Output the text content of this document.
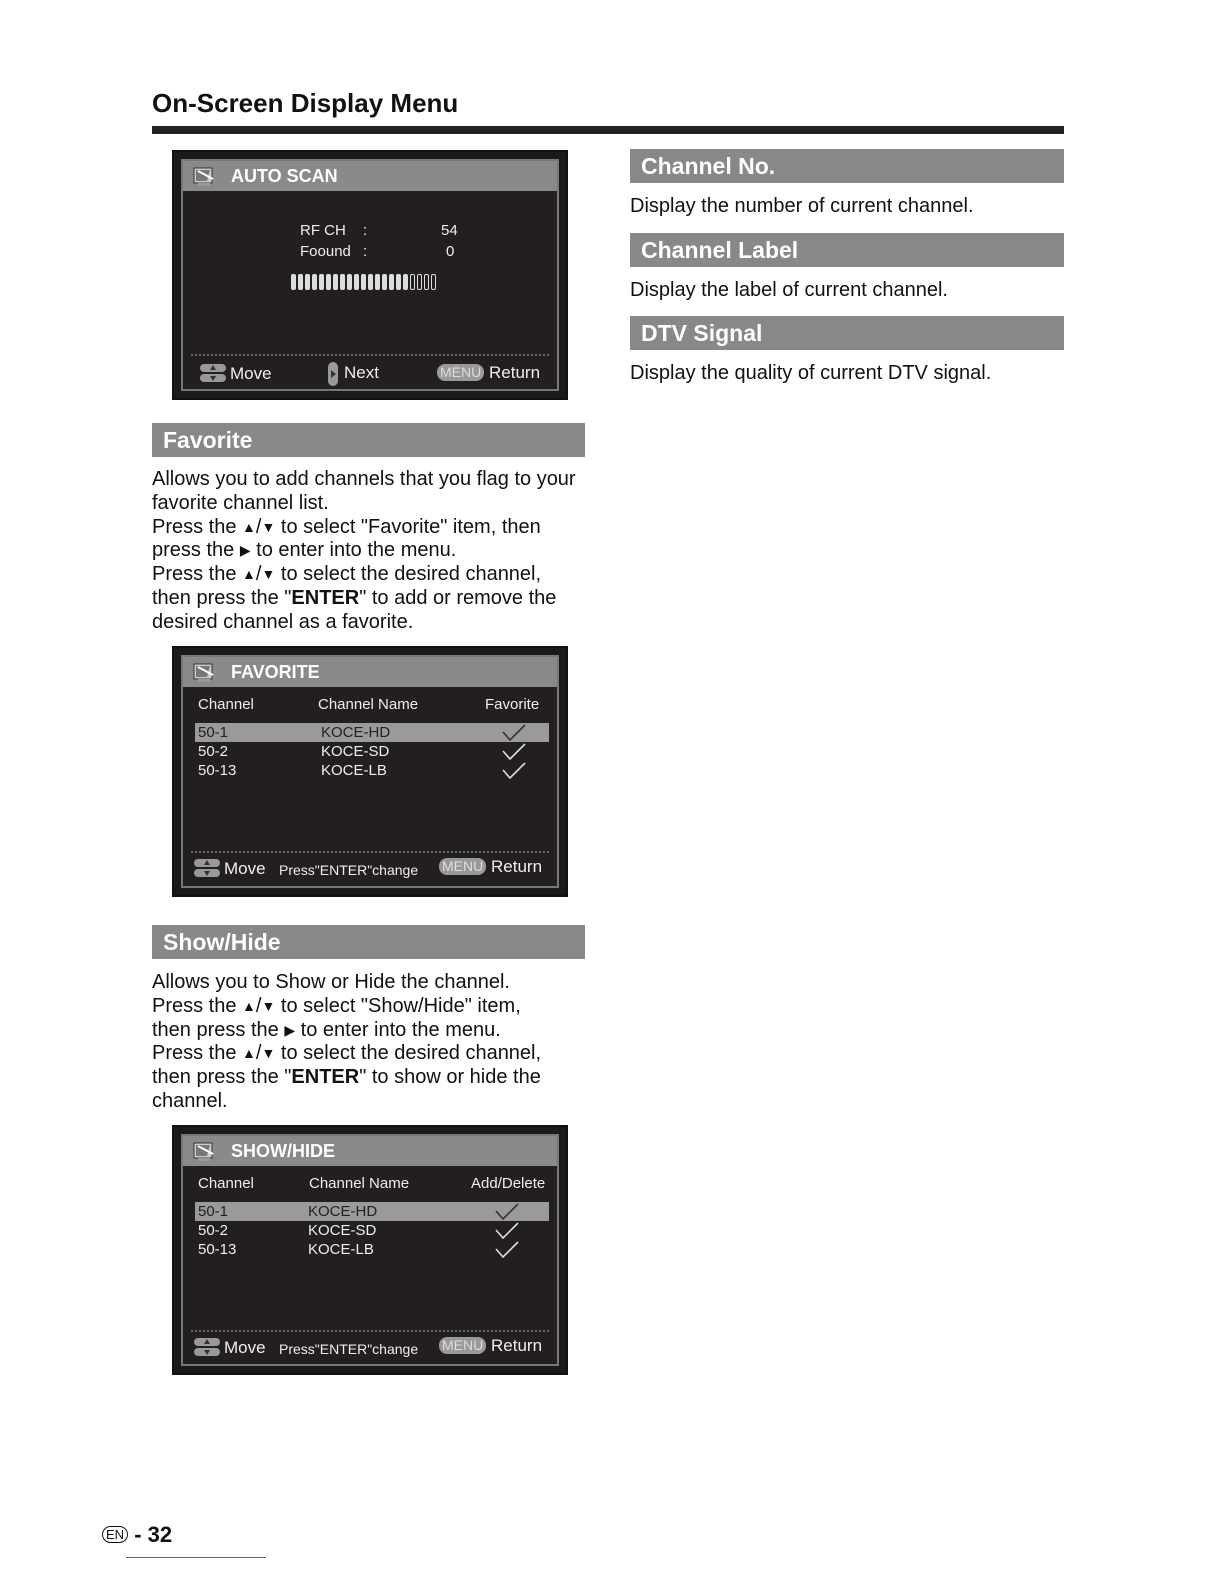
On-Screen Display Menu
AUTO SCAN
RF CH :	54
Foound :	0
Move	Next	MENU Return
Channel No.

Display the number of current channel.

Channel Label

Display the label of current channel.

DTV Signal

Display the quality of current DTV signal.

Favorite
Allows you to add channels that you flag to your
favorite channel list.
Press the ▲/▼ to select "Favorite" item, then
press the ▶ to enter into the menu.
Press the ▲/▼ to select the desired channel,
then press the "ENTER" to add or remove the
desired channel as a favorite.
FAVORITE
Channel	Channel Name	Favorite
50-1	KOCE-HD
50-2	KOCE-SD
50-13	KOCE-LB
Move Press"ENTER"change MENU Return
Show/Hide
Allows you to Show or Hide the channel.
Press the ▲/▼ to select "Show/Hide" item,
then press the ▶ to enter into the menu.
Press the ▲/▼ to select the desired channel,
then press the "ENTER" to show or hide the
channel.
SHOW/HIDE
Channel	Channel Name	Add/Delete
50-1	KOCE-HD
50-2	KOCE-SD
50-13	KOCE-LB
Move Press"ENTER"change MENU Return
EN - 32
